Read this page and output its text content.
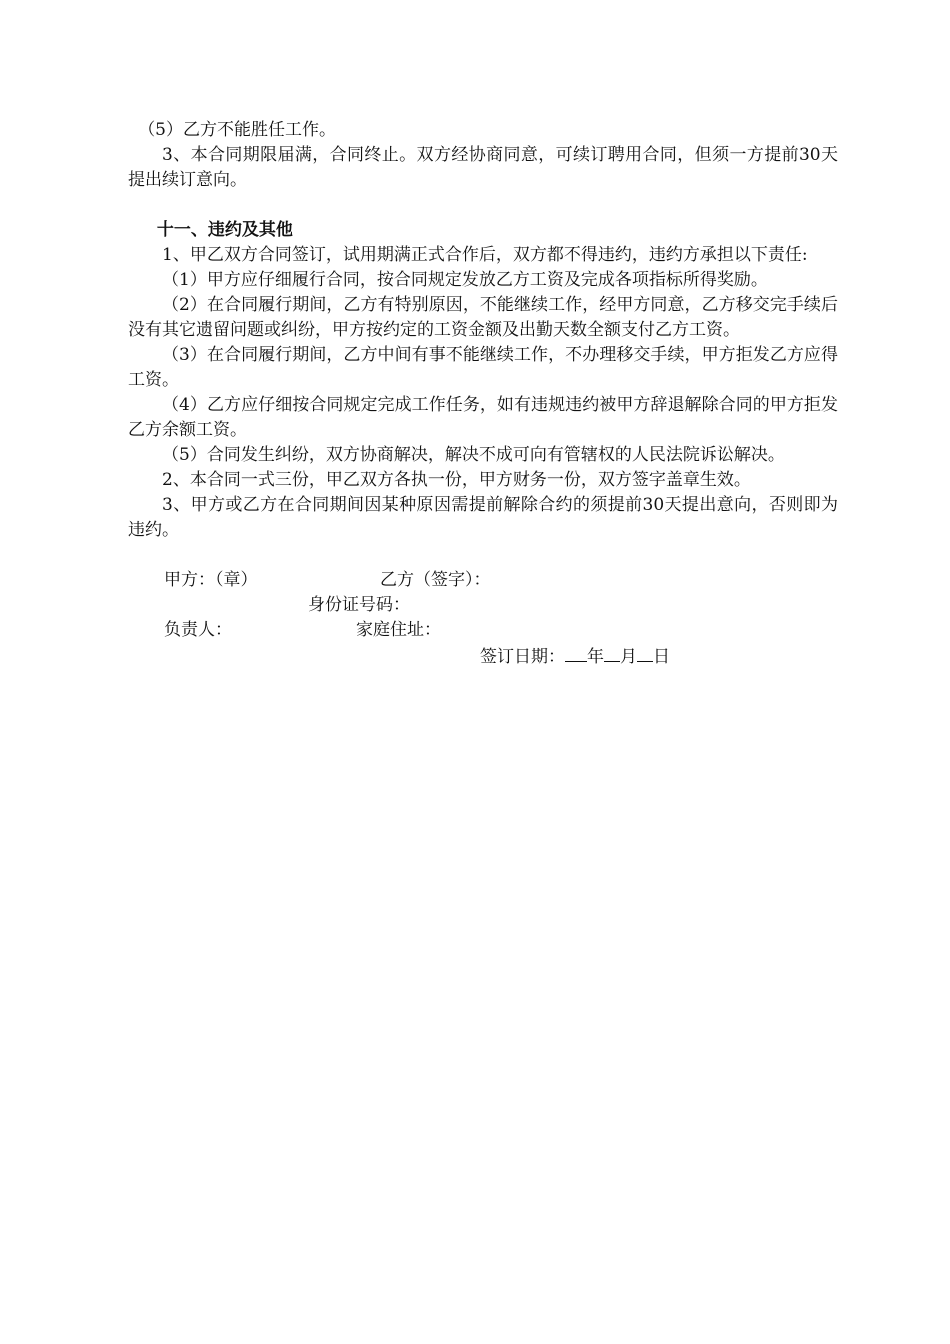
（5）乙方不能胜任工作。

3、本合同期限届满，合同终止。双方经协商同意，可续订聘用合同，但须一方提前30天提出续订意向。

十一、违约及其他

1、甲乙双方合同签订，试用期满正式合作后，双方都不得违约，违约方承担以下责任:

（1）甲方应仔细履行合同，按合同规定发放乙方工资及完成各项指标所得奖励。

（2）在合同履行期间，乙方有特别原因，不能继续工作，经甲方同意，乙方移交完手续后没有其它遗留问题或纠纷，甲方按约定的工资金额及出勤天数全额支付乙方工资。

（3）在合同履行期间，乙方中间有事不能继续工作，不办理移交手续，甲方拒发乙方应得工资。

（4）乙方应仔细按合同规定完成工作任务，如有违规违约被甲方辞退解除合同的甲方拒发乙方余额工资。

（5）合同发生纠纷，双方协商解决，解决不成可向有管辖权的人民法院诉讼解决。

2、本合同一式三份，甲乙双方各执一份，甲方财务一份，双方签字盖章生效。

3、甲方或乙方在合同期间因某种原因需提前解除合约的须提前30天提出意向，否则即为违约。

甲方：（章）	乙方（签字）：
身份证号码：
负责人：	家庭住址：
签订日期： 年 月 日
